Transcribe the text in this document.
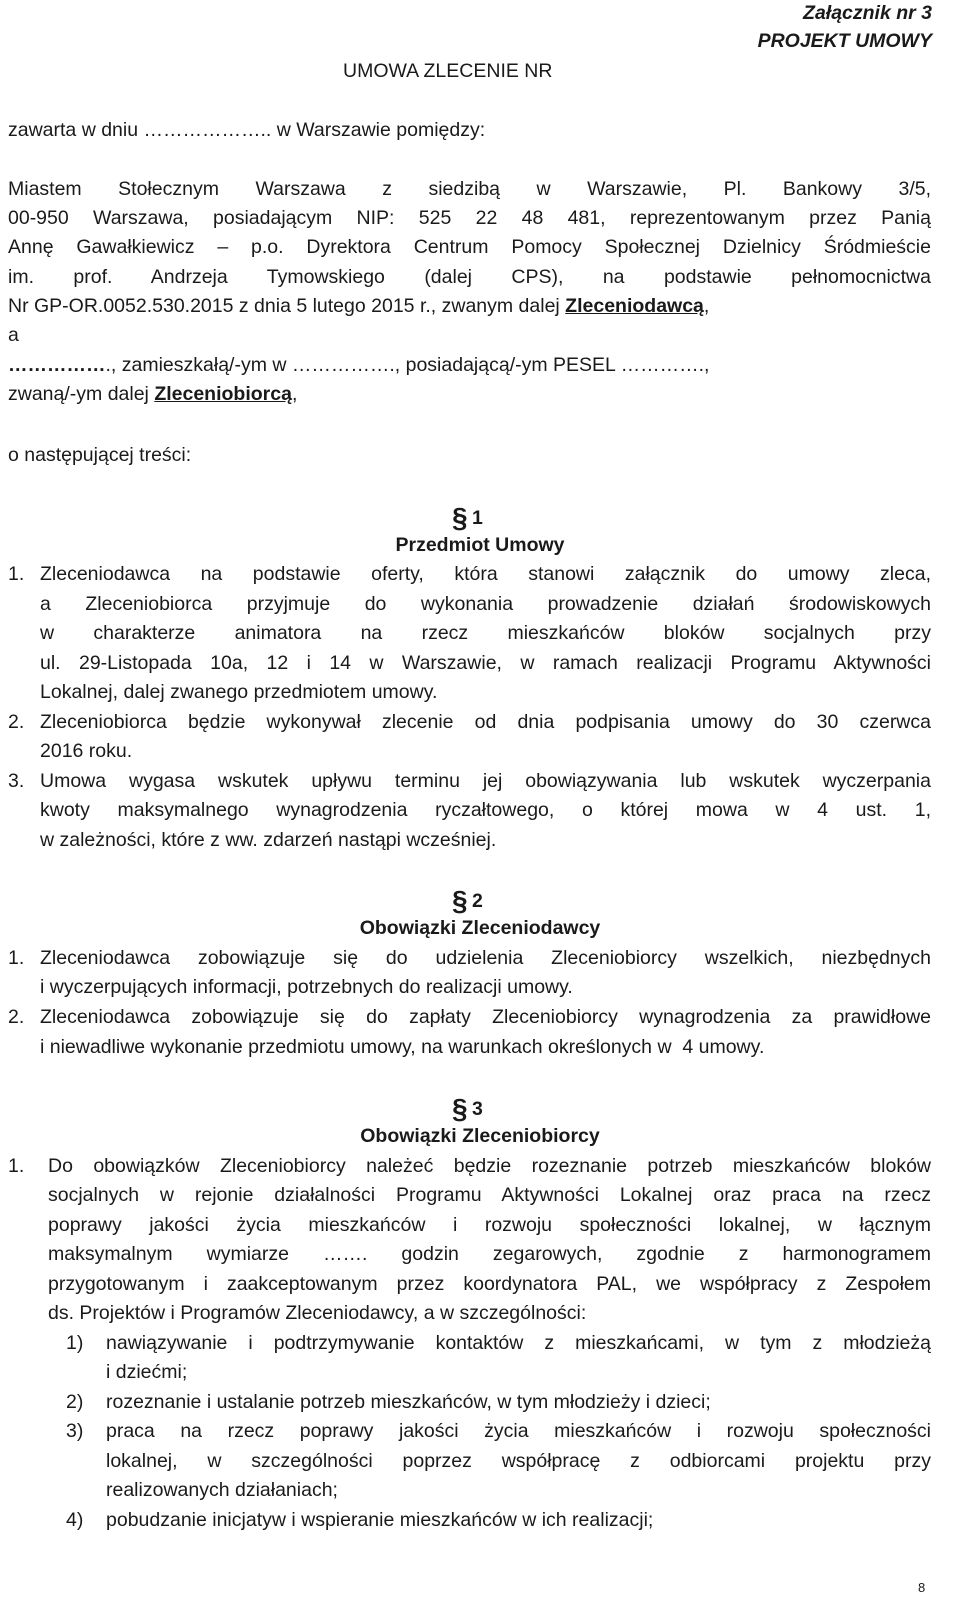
Załącznik nr 3
PROJEKT UMOWY
UMOWA ZLECENIE NR
zawarta w dniu ……………….. w Warszawie pomiędzy:
Miastem Stołecznym Warszawa z siedzibą w Warszawie, Pl. Bankowy 3/5,
00-950 Warszawa, posiadającym NIP: 525 22 48 481, reprezentowanym przez Panią
Annę Gawałkiewicz – p.o. Dyrektora Centrum Pomocy Społecznej Dzielnicy Śródmieście
im. prof. Andrzeja Tymowskiego (dalej CPS), na podstawie pełnomocnictwa
Nr GP-OR.0052.530.2015 z dnia 5 lutego 2015 r., zwanym dalej Zleceniodawcą,
a
……………., zamieszkałą/-ym w ……………., posiadającą/-ym PESEL ………….,
zwaną/-ym dalej Zleceniobiorcą,
o następującej treści:
§ 1
Przedmiot Umowy
1. Zleceniodawca na podstawie oferty, która stanowi załącznik do umowy zleca,
a Zleceniobiorca przyjmuje do wykonania prowadzenie działań środowiskowych
w charakterze animatora na rzecz mieszkańców bloków socjalnych przy
ul. 29-Listopada 10a, 12 i 14 w Warszawie, w ramach realizacji Programu Aktywności
Lokalnej, dalej zwanego przedmiotem umowy.
2. Zleceniobiorca będzie wykonywał zlecenie od dnia podpisania umowy do 30 czerwca
2016 roku.
3. Umowa wygasa wskutek upływu terminu jej obowiązywania lub wskutek wyczerpania
kwoty maksymalnego wynagrodzenia ryczałtowego, o której mowa w 4 ust. 1,
w zależności, które z ww. zdarzeń nastąpi wcześniej.
§ 2
Obowiązki Zleceniodawcy
1. Zleceniodawca zobowiązuje się do udzielenia Zleceniobiorcy wszelkich, niezbędnych
i wyczerpujących informacji, potrzebnych do realizacji umowy.
2. Zleceniodawca zobowiązuje się do zapłaty Zleceniobiorcy wynagrodzenia za prawidłowe
i niewadliwe wykonanie przedmiotu umowy, na warunkach określonych w  4 umowy.
§ 3
Obowiązki Zleceniobiorcy
1. Do obowiązków Zleceniobiorcy należeć będzie rozeznanie potrzeb mieszkańców bloków
socjalnych w rejonie działalności Programu Aktywności Lokalnej oraz praca na rzecz
poprawy jakości życia mieszkańców i rozwoju społeczności lokalnej, w łącznym
maksymalnym wymiarze ……. godzin zegarowych, zgodnie z harmonogramem
przygotowanym i zaakceptowanym przez koordynatora PAL, we współpracy z Zespołem
ds. Projektów i Programów Zleceniodawcy, a w szczególności:
1) nawiązywanie i podtrzymywanie kontaktów z mieszkańcami, w tym z młodzieżą
i dziećmi;
2) rozeznanie i ustalanie potrzeb mieszkańców, w tym młodzieży i dzieci;
3) praca na rzecz poprawy jakości życia mieszkańców i rozwoju społeczności
lokalnej, w szczególności poprzez współpracę z odbiorcami projektu przy
realizowanych działaniach;
4) pobudzanie inicjatyw i wspieranie mieszkańców w ich realizacji;
8
